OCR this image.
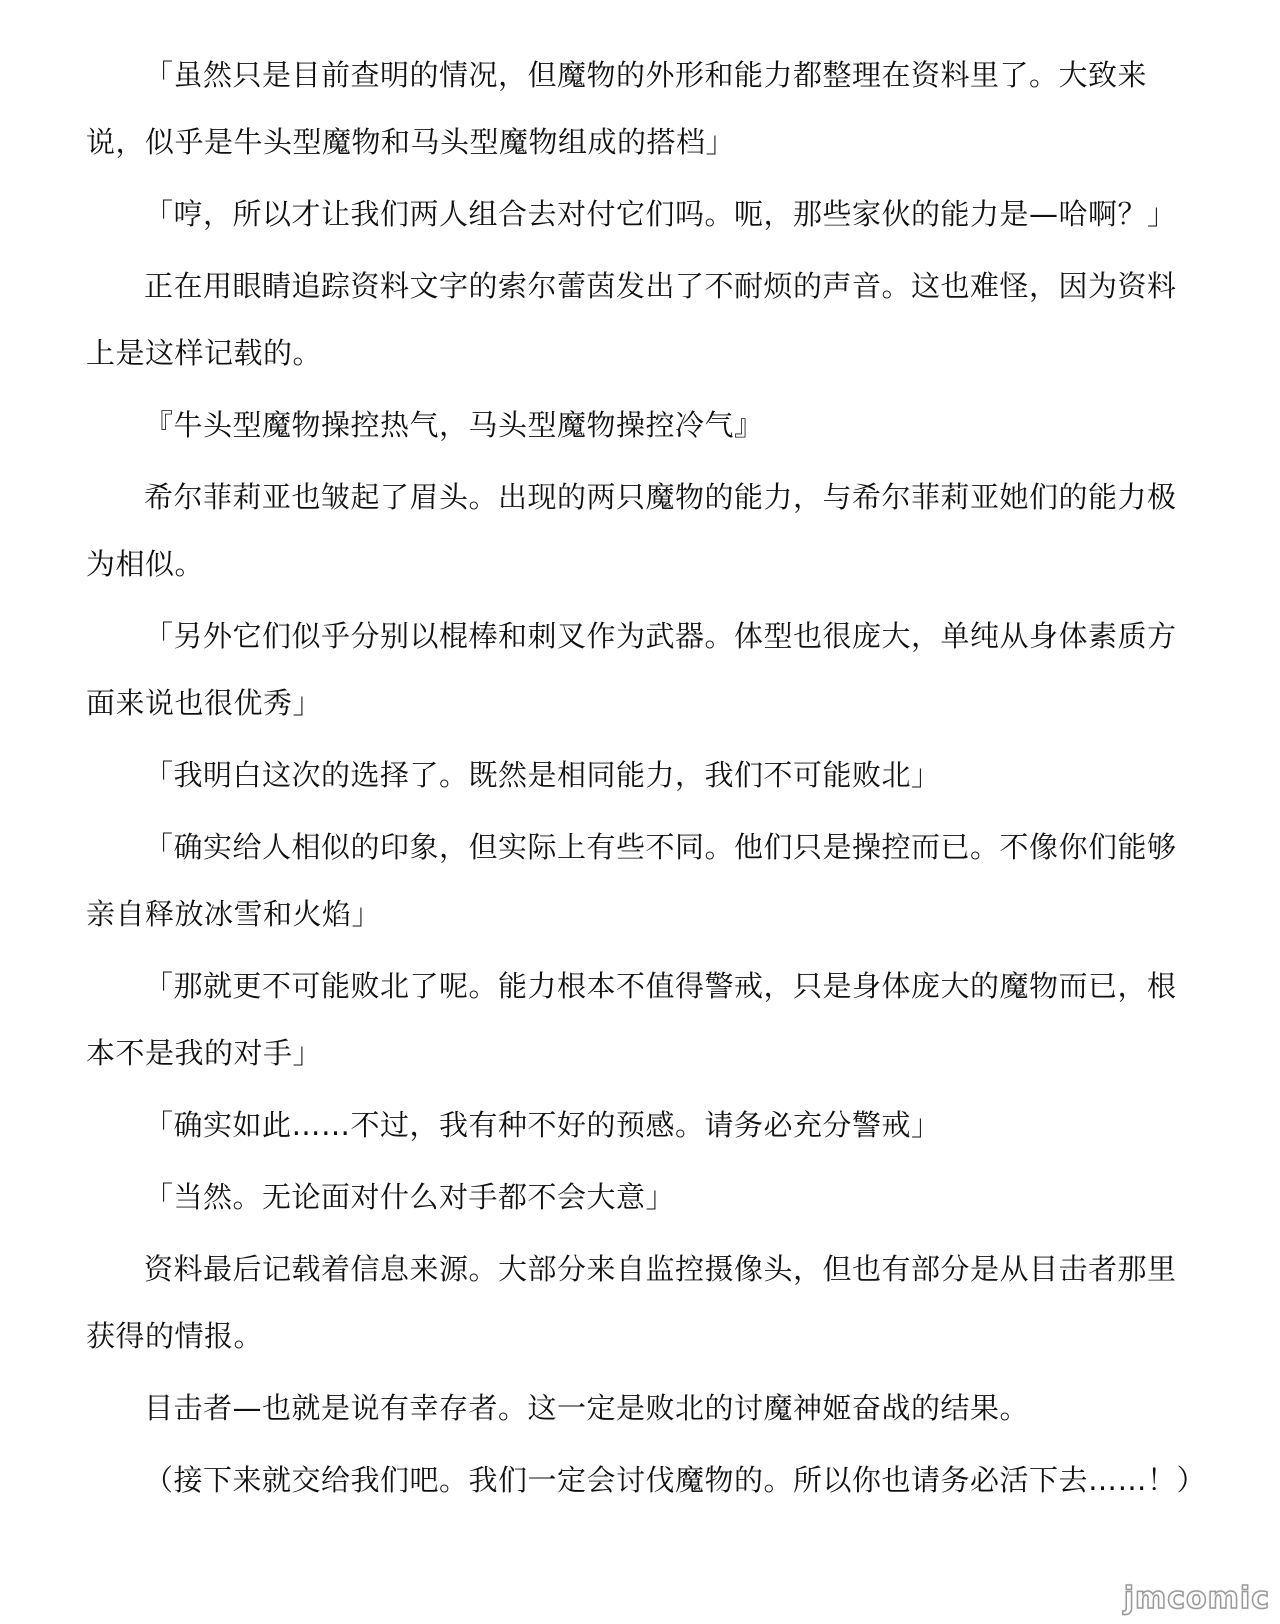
「虽然只是目前查明的情况，但魔物的外形和能力都整理在资料里了。大致来说，似乎是牛头型魔物和马头型魔物组成的搭档」

「哼，所以才让我们两人组合去对付它们吗。呃，那些家伙的能力是—哈啊？」

正在用眼睛追踪资料文字的索尔蕾茵发出了不耐烦的声音。这也难怪，因为资料上是这样记载的。

『牛头型魔物操控热气，马头型魔物操控冷气』

希尔菲莉亚也皱起了眉头。出现的两只魔物的能力，与希尔菲莉亚她们的能力极为相似。

「另外它们似乎分别以棍棒和刺叉作为武器。体型也很庞大，单纯从身体素质方面来说也很优秀」

「我明白这次的选择了。既然是相同能力，我们不可能败北」

「确实给人相似的印象，但实际上有些不同。他们只是操控而已。不像你们能够亲自释放冰雪和火焰」

「那就更不可能败北了呢。能力根本不值得警戒，只是身体庞大的魔物而已，根本不是我的对手」

「确实如此……不过，我有种不好的预感。请务必充分警戒」

「当然。无论面对什么对手都不会大意」

资料最后记载着信息来源。大部分来自监控摄像头，但也有部分是从目击者那里获得的情报。

目击者—也就是说有幸存者。这一定是败北的讨魔神姬奋战的结果。

（接下来就交给我们吧。我们一定会讨伐魔物的。所以你也请务必活下去……！）

jmcomic
